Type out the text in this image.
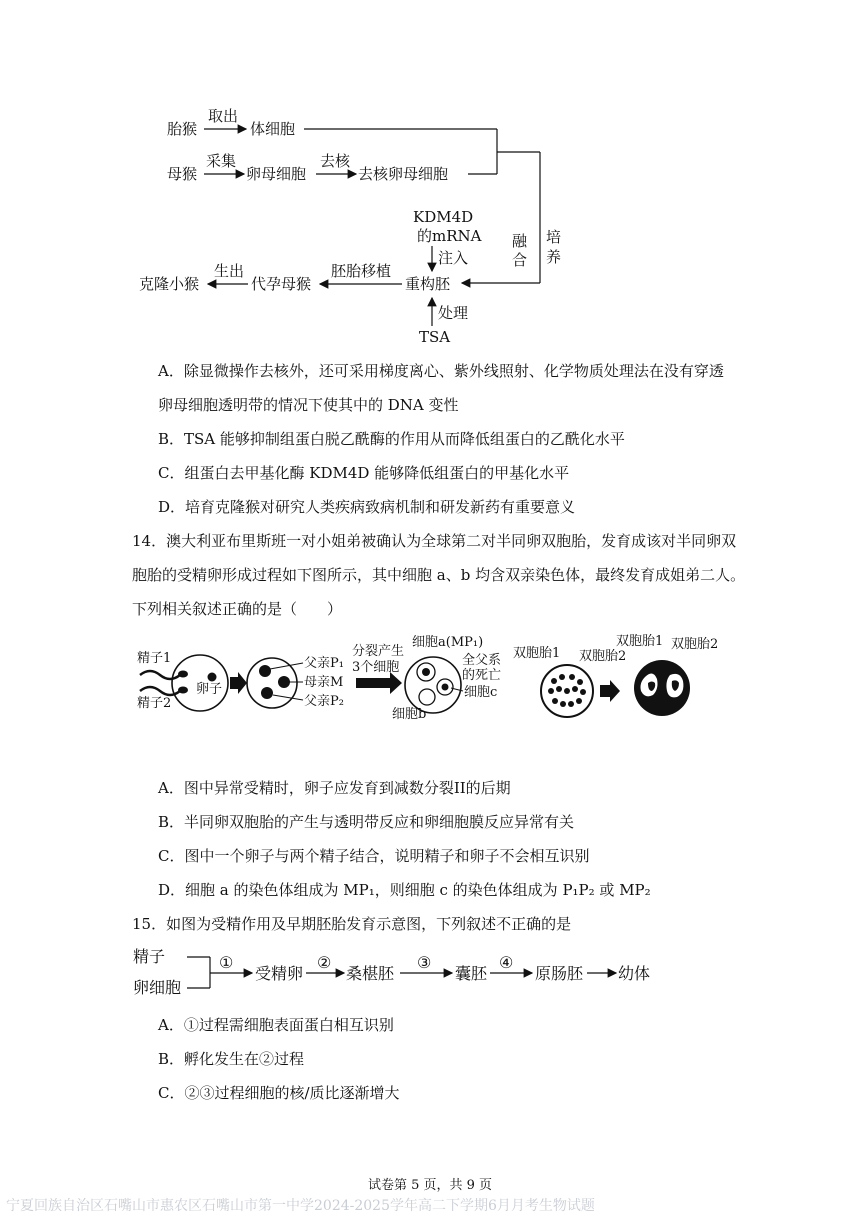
胎猴
取出
体细胞
母猴
采集
卵母细胞
去核
去核卵母细胞
融
合
培
养
KDM4D
的mRNA
注入
重构胚
胚胎移植
代孕母猴
生出
克隆小猴
处理
TSA
A．除显微操作去核外，还可采用梯度离心、紫外线照射、化学物质处理法在没有穿透
卵母细胞透明带的情况下使其中的 DNA 变性
B．TSA 能够抑制组蛋白脱乙酰酶的作用从而降低组蛋白的乙酰化水平
C．组蛋白去甲基化酶 KDM4D 能够降低组蛋白的甲基化水平
D．培育克隆猴对研究人类疾病致病机制和研发新药有重要意义
14．澳大利亚布里斯班一对小姐弟被确认为全球第二对半同卵双胞胎，发育成该对半同卵双
胞胎的受精卵形成过程如下图所示，其中细胞 a、b 均含双亲染色体，最终发育成姐弟二人。
下列相关叙述正确的是（　　）
精子1
精子2
卵子
父亲P₁
母亲M
父亲P₂
分裂产生
3个细胞
细胞a(MP₁)
全父系
的死亡
细胞c
细胞b
双胞胎1 双胞胎2
双胞胎1 双胞胎2
A．图中异常受精时，卵子应发育到减数分裂II的后期
B．半同卵双胞胎的产生与透明带反应和卵细胞膜反应异常有关
C．图中一个卵子与两个精子结合，说明精子和卵子不会相互识别
D．细胞 a 的染色体组成为 MP₁，则细胞 c 的染色体组成为 P₁P₂ 或 MP₂
15．如图为受精作用及早期胚胎发育示意图，下列叙述不正确的是
精子
卵细胞
①
受精卵
②
桑椹胚
③
囊胚
④
原肠胚 幼体
A．①过程需细胞表面蛋白相互识别
B．孵化发生在②过程
C．②③过程细胞的核/质比逐渐增大
试卷第 5 页，共 9 页
宁夏回族自治区石嘴山市惠农区石嘴山市第一中学2024-2025学年高二下学期6月月考生物试题
